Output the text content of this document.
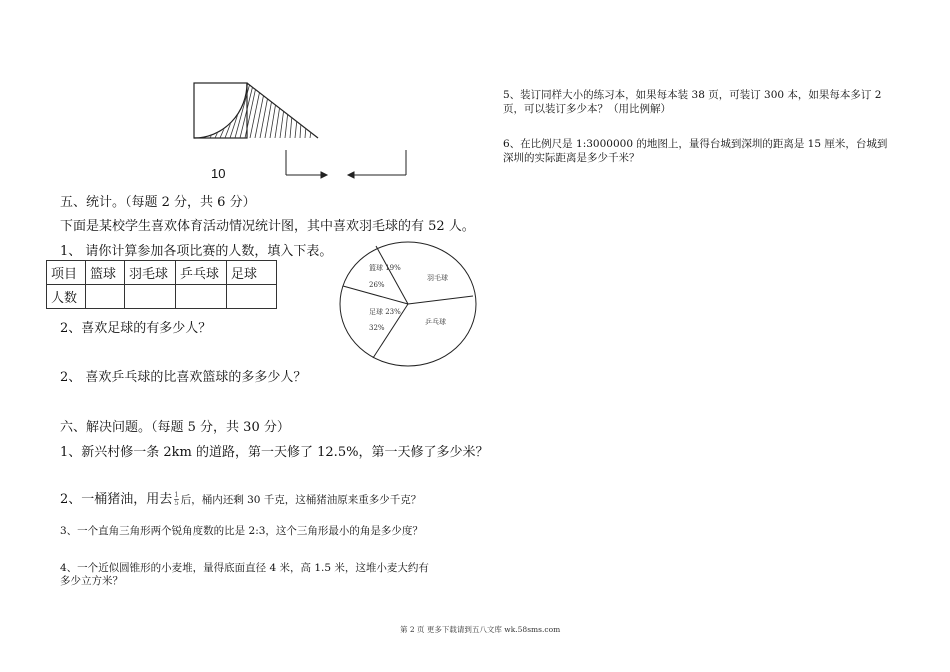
10
五、统计。（每题 2 分，共 6 分）
下面是某校学生喜欢体育活动情况统计图，其中喜欢羽毛球的有 52 人。
1、 请你计算参加各项比赛的人数，填入下表。
项目	篮球	羽毛球	乒乓球	足球
人数				
2、喜欢足球的有多少人？
2、 喜欢乒乓球的比喜欢篮球的多多少人？
篮球 19%
26%
羽毛球
足球 23%
32%
乒乓球
六、解决问题。（每题 5 分，共 30 分）
1、新兴村修一条 2km 的道路，第一天修了 12.5%，第一天修了多少米？
2、一桶猪油，用去 $\frac{1}{5}$ 后，桶内还剩 30 千克，这桶猪油原来重多少千克？
3、一个直角三角形两个锐角度数的比是 2:3，这个三角形最小的角是多少度？
4、一个近似圆锥形的小麦堆，量得底面直径 4 米，高 1.5 米，这堆小麦大约有
多少立方米？
5、装订同样大小的练习本，如果每本装 38 页，可装订 300 本，如果每本多订 2
页，可以装订多少本？（用比例解）
6、在比例尺是 1:3000000 的地图上，量得台城到深圳的距离是 15 厘米，台城到
深圳的实际距离是多少千米？
第 2 页 更多下载请到五八文库 wk.58sms.com
